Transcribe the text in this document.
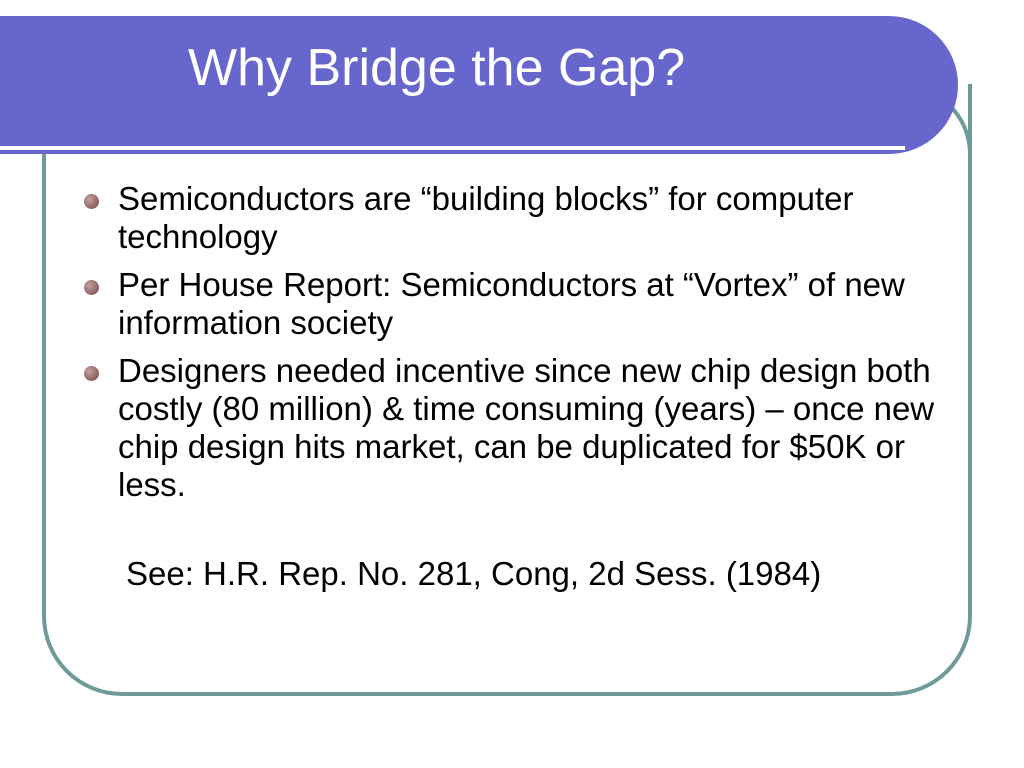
Why Bridge the Gap?
Semiconductors are “building blocks” for computer technology
Per House Report: Semiconductors at “Vortex” of new information society
Designers needed incentive since new chip design both costly (80 million) & time consuming (years) – once new chip design hits market, can be duplicated for $50K or less.
See: H.R. Rep. No. 281, Cong, 2d Sess. (1984)
